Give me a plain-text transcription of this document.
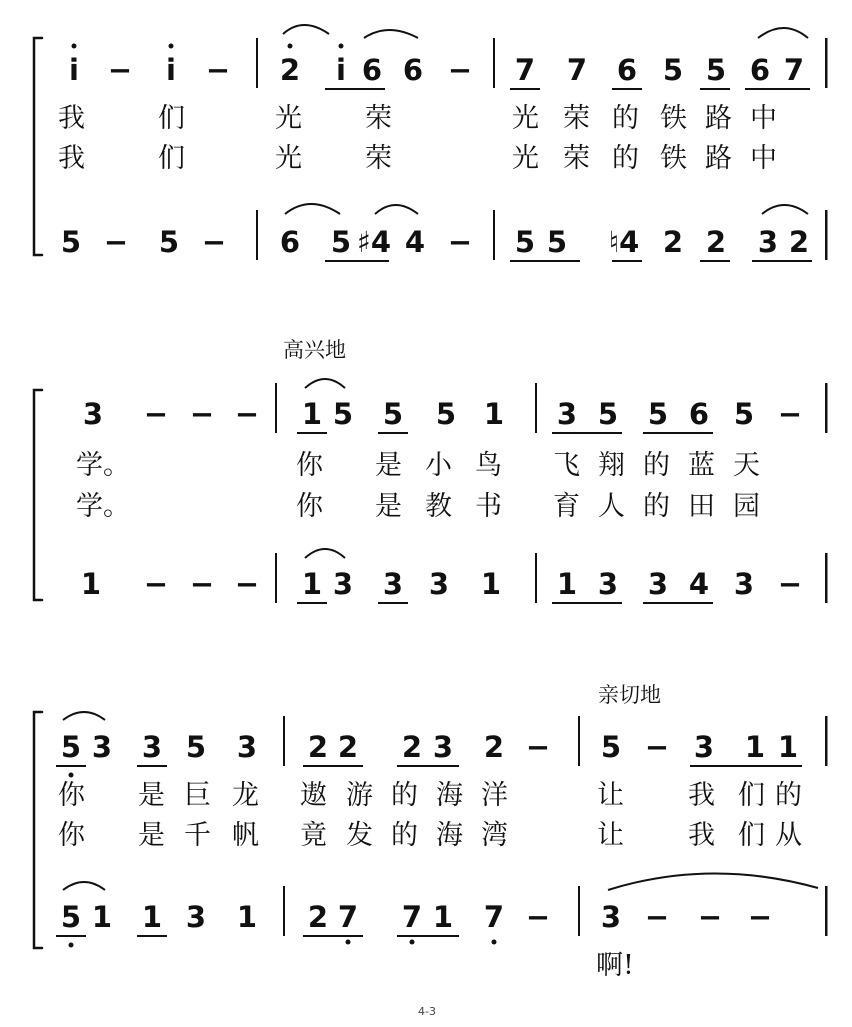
i − i − 2 i 6 6 − 7 7 6 5 5 6 7
我	们	光 荣	光 荣 的 铁 路 中
我	们	光 荣	光 荣 的 铁 路 中
5 − 5 − 6 5 ♯4 4 − 5 5 ♮4 2 2 3 2
高兴地
3 − − − 1 5 5 5 1 3 5 5 6 5 −
学。	你 是 小 鸟 飞 翔 的 蓝 天
学。	你 是 教 书 育 人 的 田 园
1 − − − 1 3 3 3 1 1 3 3 4 3 −
亲切地
5 3 3 5 3 2 2 2 3 2 − 5 − 3 1 1
你 是 巨 龙 遨 游 的 海 洋	让 我 们 的
你 是 千 帆 竟 发 的 海 湾	让 我 们 从
5 1 1 3 1 2 7 7 1 7 − 3 − − −
啊!
4-3
